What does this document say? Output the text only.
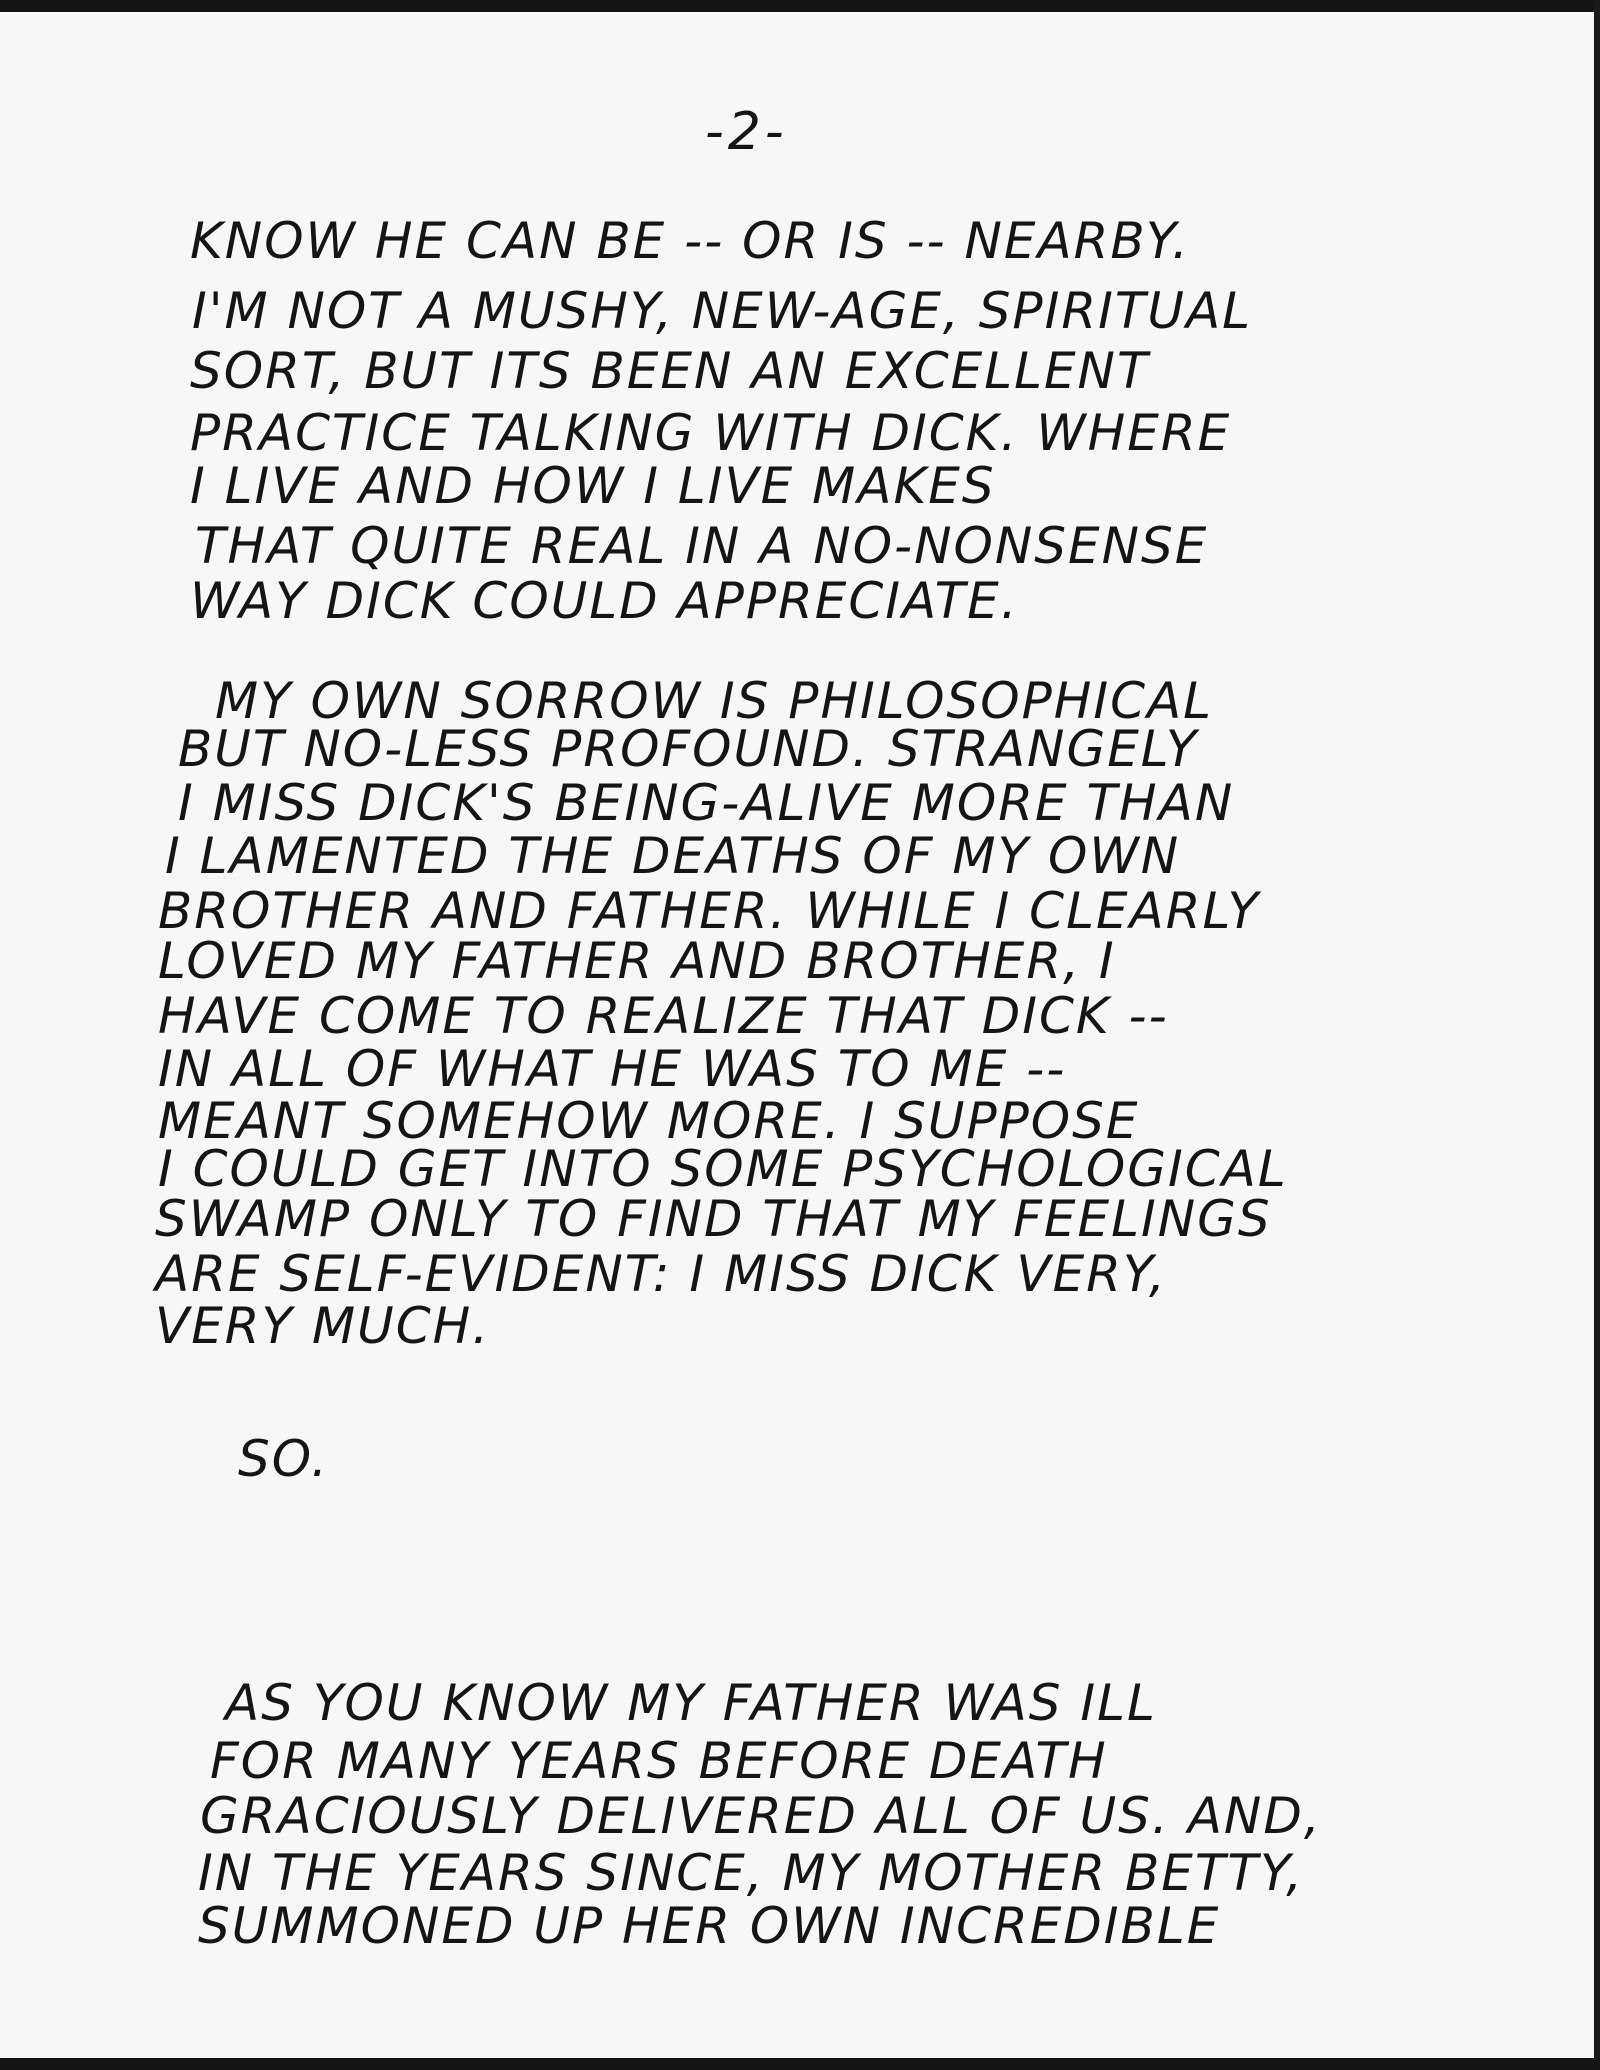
-2-
KNOW HE CAN BE -- OR IS -- NEARBY.
I'M NOT A MUSHY, NEW-AGE, SPIRITUAL
SORT, BUT ITS BEEN AN EXCELLENT
PRACTICE TALKING WITH DICK. WHERE
I LIVE AND HOW I LIVE MAKES
THAT QUITE REAL IN A NO-NONSENSE
WAY DICK COULD APPRECIATE.
MY OWN SORROW IS PHILOSOPHICAL
BUT NO-LESS PROFOUND. STRANGELY
I MISS DICK'S BEING-ALIVE MORE THAN
I LAMENTED THE DEATHS OF MY OWN
BROTHER AND FATHER. WHILE I CLEARLY
LOVED MY FATHER AND BROTHER, I
HAVE COME TO REALIZE THAT DICK --
IN ALL OF WHAT HE WAS TO ME --
MEANT SOMEHOW MORE. I SUPPOSE
I COULD GET INTO SOME PSYCHOLOGICAL
SWAMP ONLY TO FIND THAT MY FEELINGS
ARE SELF-EVIDENT: I MISS DICK VERY,
VERY MUCH.
SO.
AS YOU KNOW MY FATHER WAS ILL
FOR MANY YEARS BEFORE DEATH
GRACIOUSLY DELIVERED ALL OF US. AND,
IN THE YEARS SINCE, MY MOTHER BETTY,
SUMMONED UP HER OWN INCREDIBLE
